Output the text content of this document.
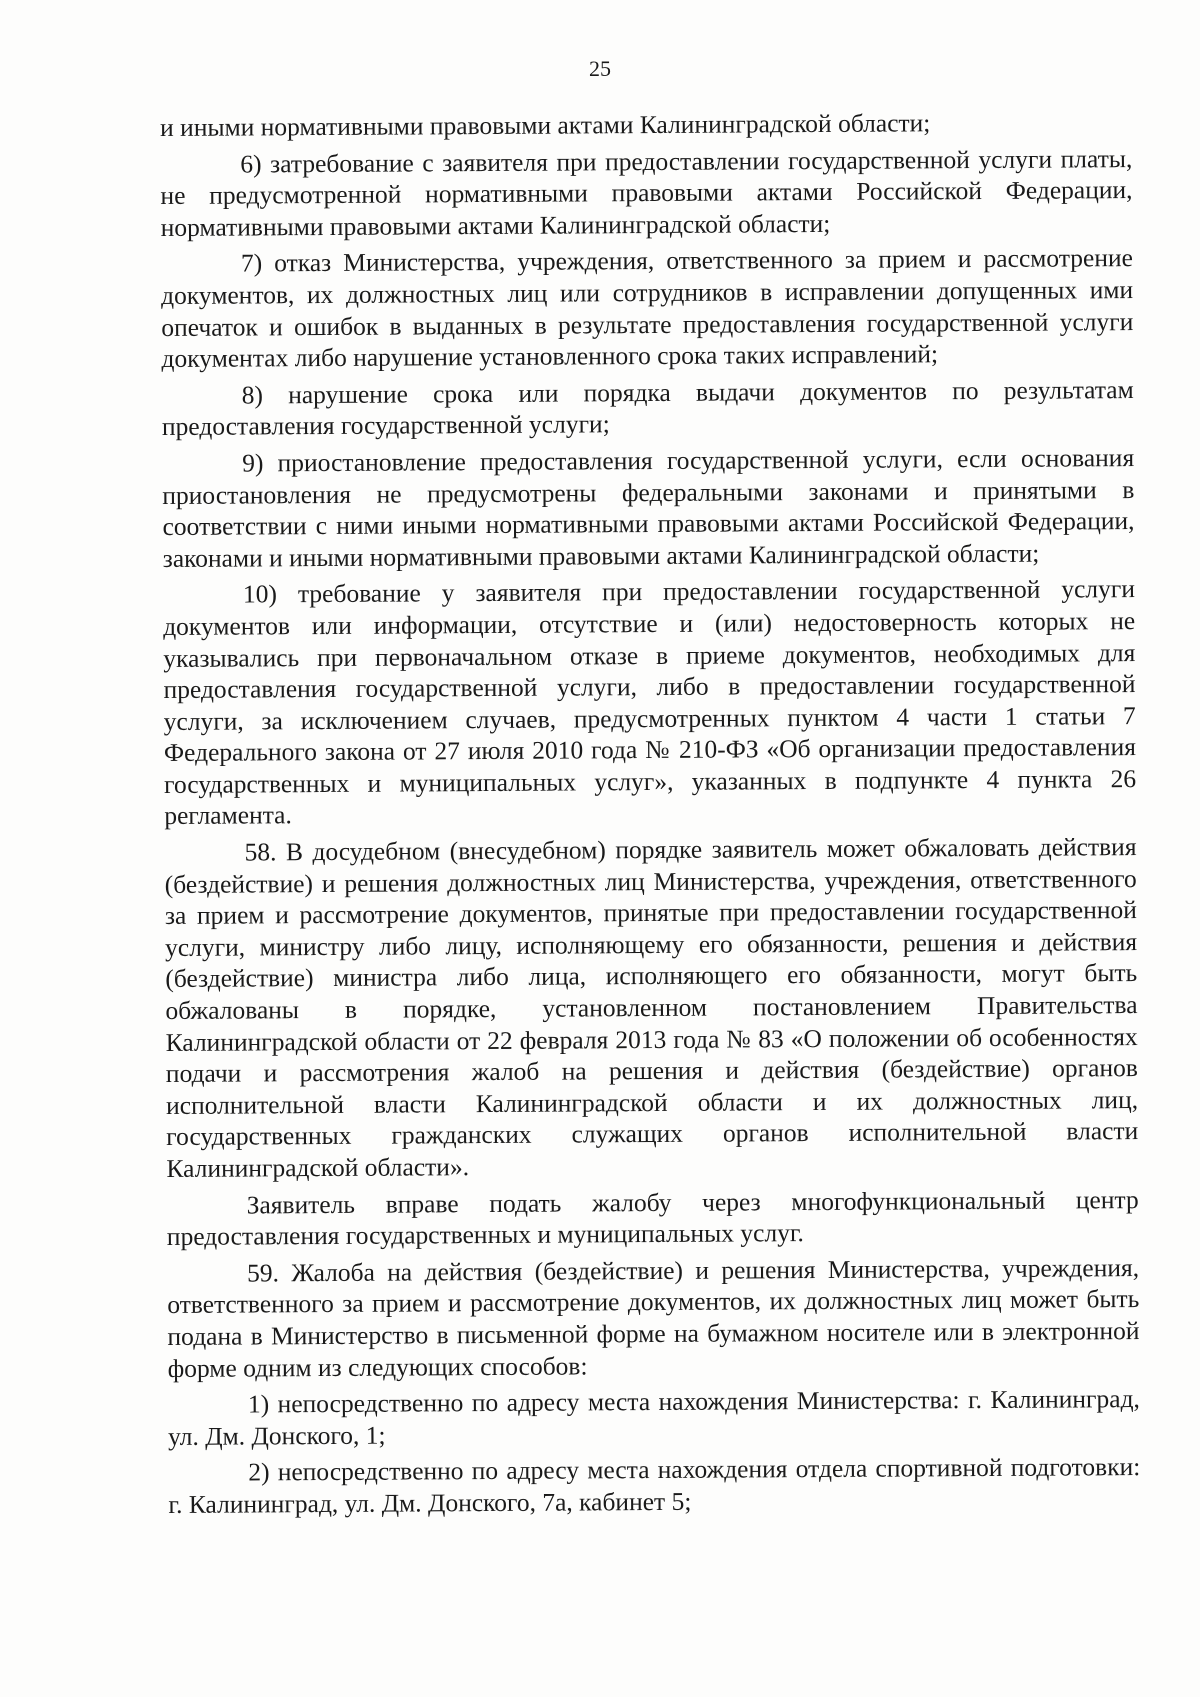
25

и иными нормативными правовыми актами Калининградской области;

6) затребование с заявителя при предоставлении государственной услуги платы, не предусмотренной нормативными правовыми актами Российской Федерации, нормативными правовыми актами Калининградской области;

7) отказ Министерства, учреждения, ответственного за прием и рассмотрение документов, их должностных лиц или сотрудников в исправлении допущенных ими опечаток и ошибок в выданных в результате предоставления государственной услуги документах либо нарушение установленного срока таких исправлений;

8) нарушение срока или порядка выдачи документов по результатам предоставления государственной услуги;

9) приостановление предоставления государственной услуги, если основания приостановления не предусмотрены федеральными законами и принятыми в соответствии с ними иными нормативными правовыми актами Российской Федерации, законами и иными нормативными правовыми актами Калининградской области;

10) требование у заявителя при предоставлении государственной услуги документов или информации, отсутствие и (или) недостоверность которых не указывались при первоначальном отказе в приеме документов, необходимых для предоставления государственной услуги, либо в предоставлении государственной услуги, за исключением случаев, предусмотренных пунктом 4 части 1 статьи 7 Федерального закона от 27 июля 2010 года № 210-ФЗ «Об организации предоставления государственных и муниципальных услуг», указанных в подпункте 4 пункта 26 регламента.

58. В досудебном (внесудебном) порядке заявитель может обжаловать действия (бездействие) и решения должностных лиц Министерства, учреждения, ответственного за прием и рассмотрение документов, принятые при предоставлении государственной услуги, министру либо лицу, исполняющему его обязанности, решения и действия (бездействие) министра либо лица, исполняющего его обязанности, могут быть обжалованы в порядке, установленном постановлением Правительства Калининградской области от 22 февраля 2013 года № 83 «О положении об особенностях подачи и рассмотрения жалоб на решения и действия (бездействие) органов исполнительной власти Калининградской области и их должностных лиц, государственных гражданских служащих органов исполнительной власти Калининградской области».

Заявитель вправе подать жалобу через многофункциональный центр предоставления государственных и муниципальных услуг.

59. Жалоба на действия (бездействие) и решения Министерства, учреждения, ответственного за прием и рассмотрение документов, их должностных лиц может быть подана в Министерство в письменной форме на бумажном носителе или в электронной форме одним из следующих способов:

1) непосредственно по адресу места нахождения Министерства: г. Калининград, ул. Дм. Донского, 1;

2) непосредственно по адресу места нахождения отдела спортивной подготовки: г. Калининград, ул. Дм. Донского, 7а, кабинет 5;
